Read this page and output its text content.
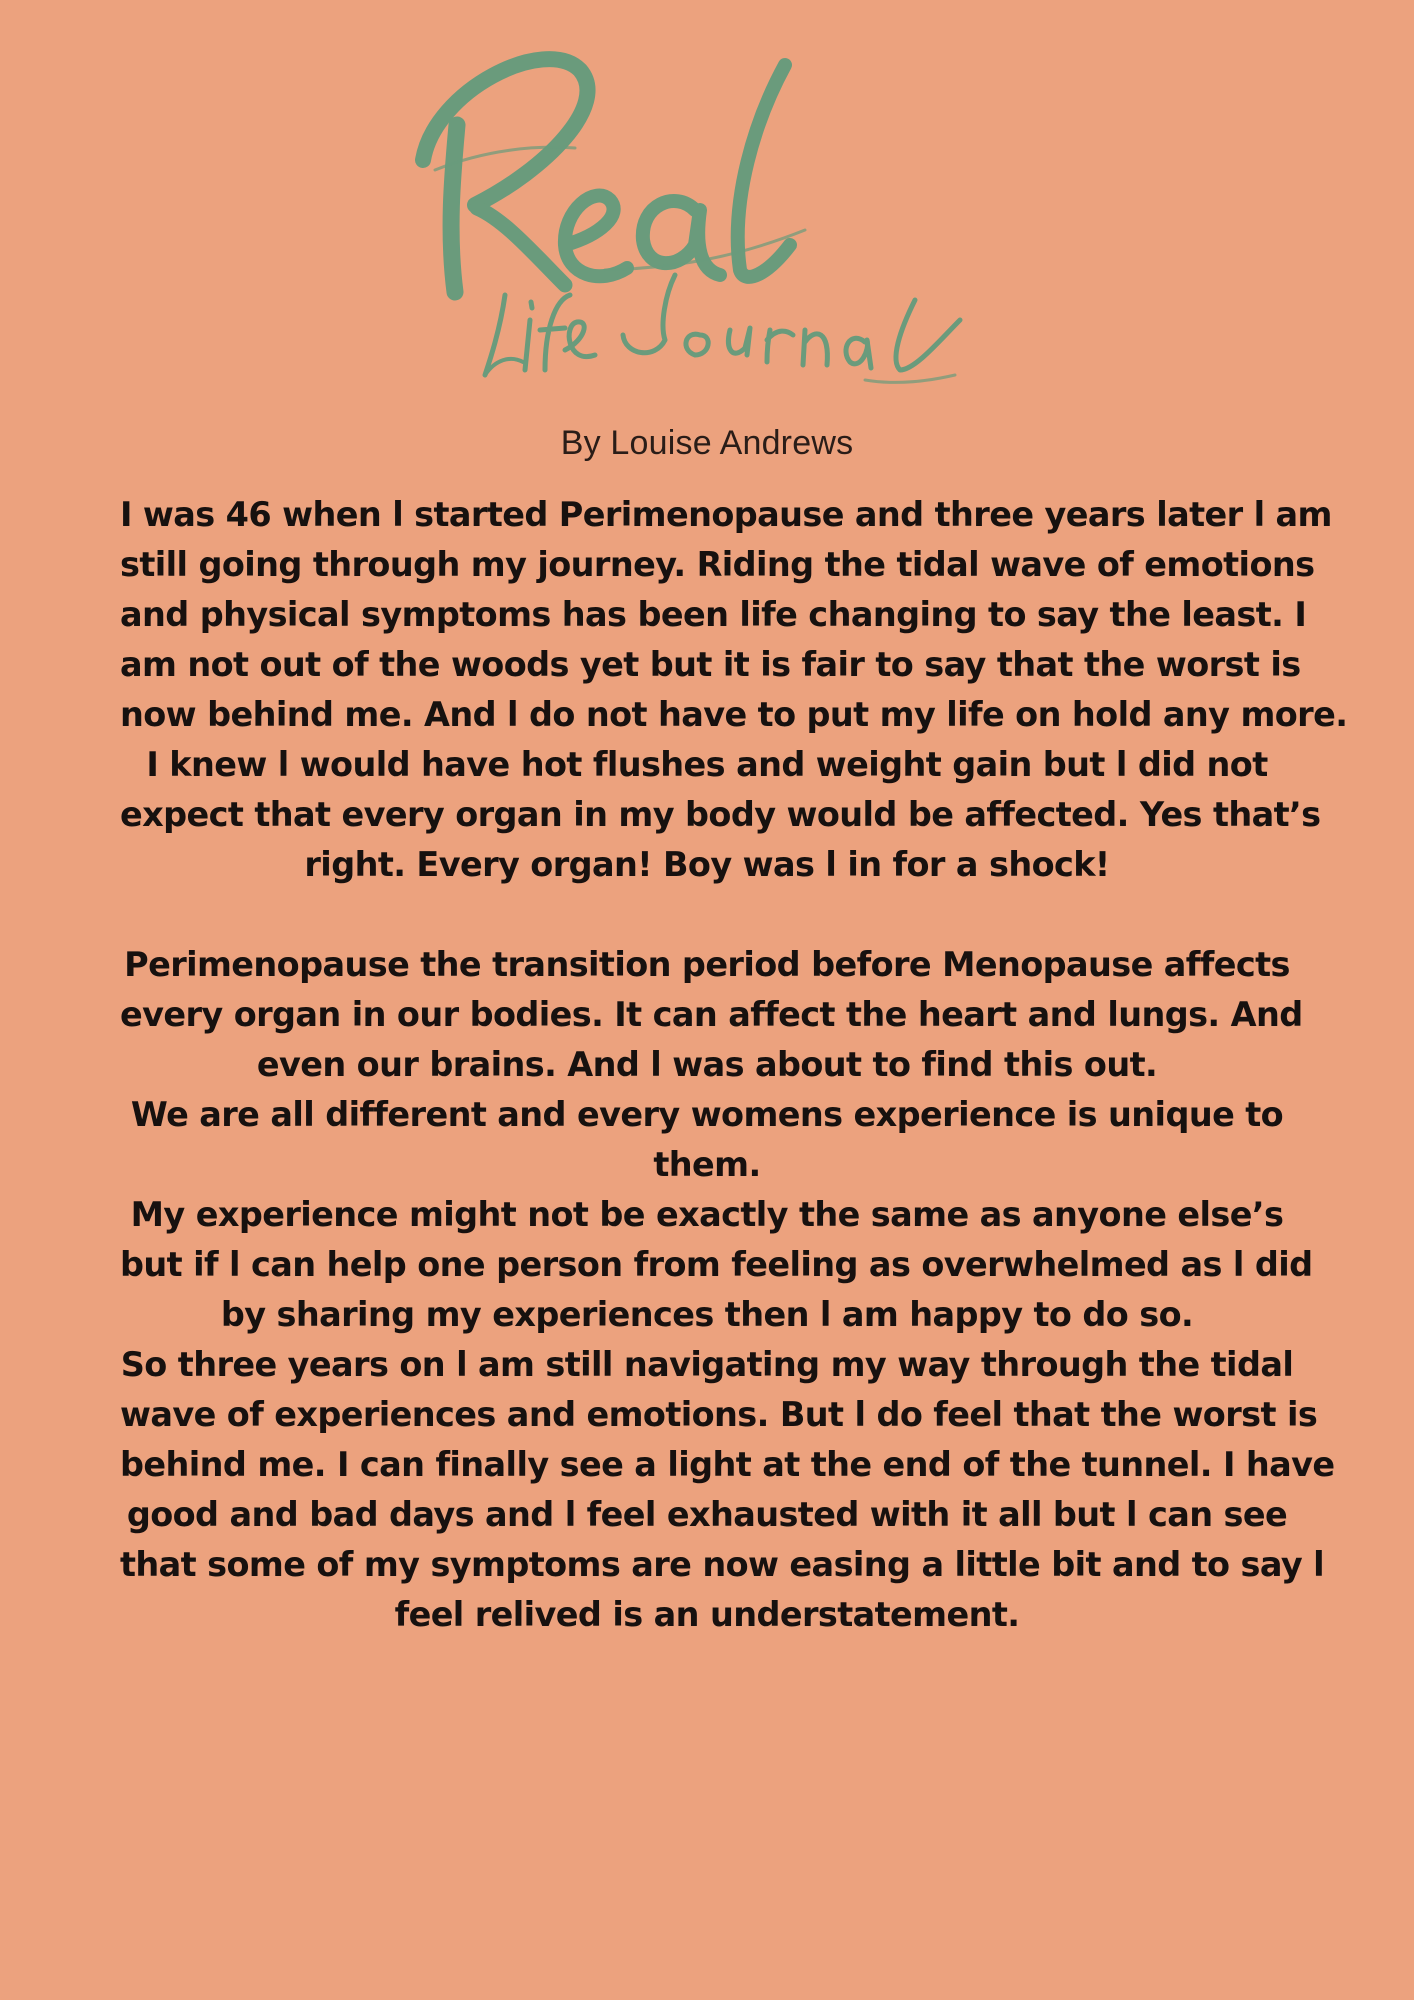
By Louise Andrews
I was 46 when l started Perimenopause and three years later l am
still going through my journey. Riding the tidal wave of emotions
and physical symptoms has been life changing to say the least. I
am not out of the woods yet but it is fair to say that the worst is
now behind me. And l do not have to put my life on hold any more.
I knew l would have hot flushes and weight gain but l did not
expect that every organ in my body would be affected. Yes that’s
right. Every organ! Boy was l in for a shock!
Perimenopause the transition period before Menopause affects
every organ in our bodies. It can affect the heart and lungs. And
even our brains. And l was about to find this out.
We are all different and every womens experience is unique to
them.
My experience might not be exactly the same as anyone else’s
but if l can help one person from feeling as overwhelmed as l did
by sharing my experiences then l am happy to do so.
So three years on l am still navigating my way through the tidal
wave of experiences and emotions. But l do feel that the worst is
behind me. I can finally see a light at the end of the tunnel. I have
good and bad days and l feel exhausted with it all but l can see
that some of my symptoms are now easing a little bit and to say l
feel relived is an understatement.
